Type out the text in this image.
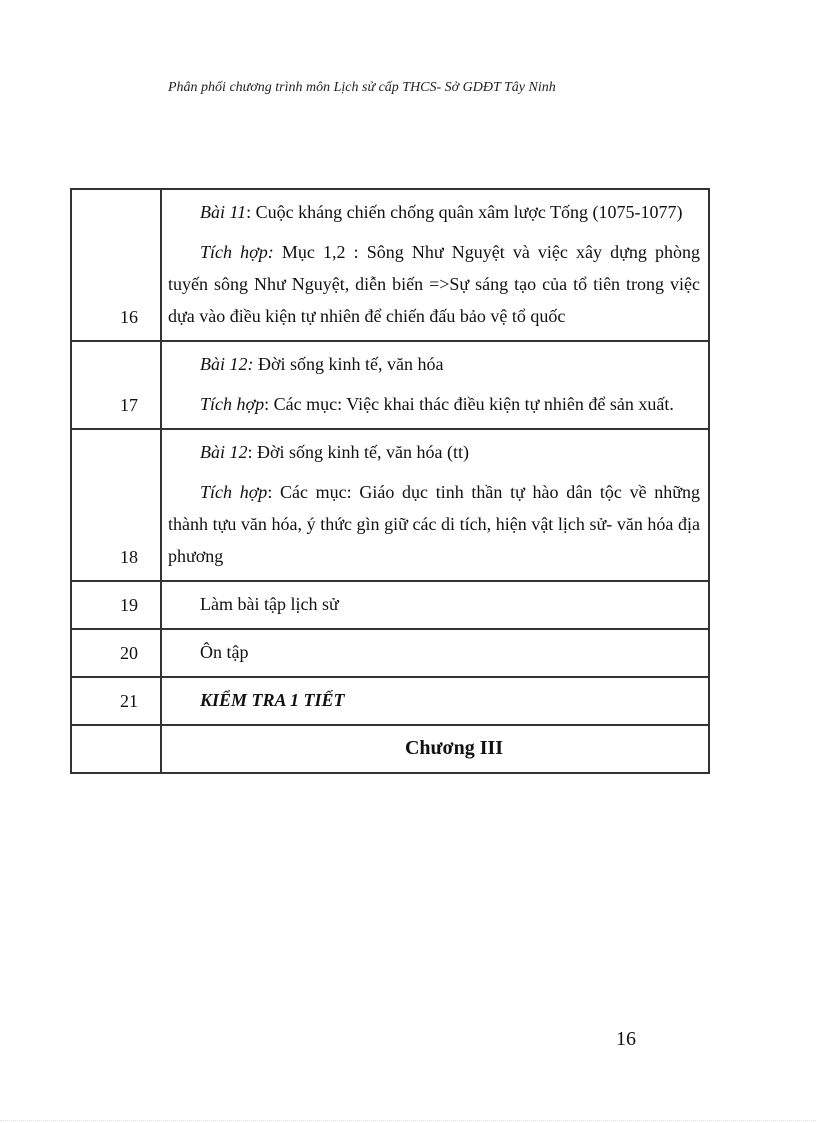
Phân phối chương trình môn Lịch sử cấp THCS- Sở GDĐT Tây Ninh
16	Bài 11: Cuộc kháng chiến chống quân xâm lược Tống (1075-1077)

Tích hợp: Mục 1,2 : Sông Như Nguyệt và việc xây dựng phòng tuyến sông Như Nguyệt, diễn biến =>Sự sáng tạo của tổ tiên trong việc dựa vào điều kiện tự nhiên để chiến đấu bảo vệ tổ quốc

17	Bài 12: Đời sống kinh tế, văn hóa

Tích hợp: Các mục: Việc khai thác điều kiện tự nhiên để sản xuất.

18	Bài 12: Đời sống kinh tế, văn hóa (tt)

Tích hợp: Các mục: Giáo dục tinh thần tự hào dân tộc về những thành tựu văn hóa, ý thức gìn giữ các di tích, hiện vật lịch sử- văn hóa địa phương

19	Làm bài tập lịch sử

20	Ôn tập

21	KIỂM TRA 1 TIẾT

	Chương III

16
